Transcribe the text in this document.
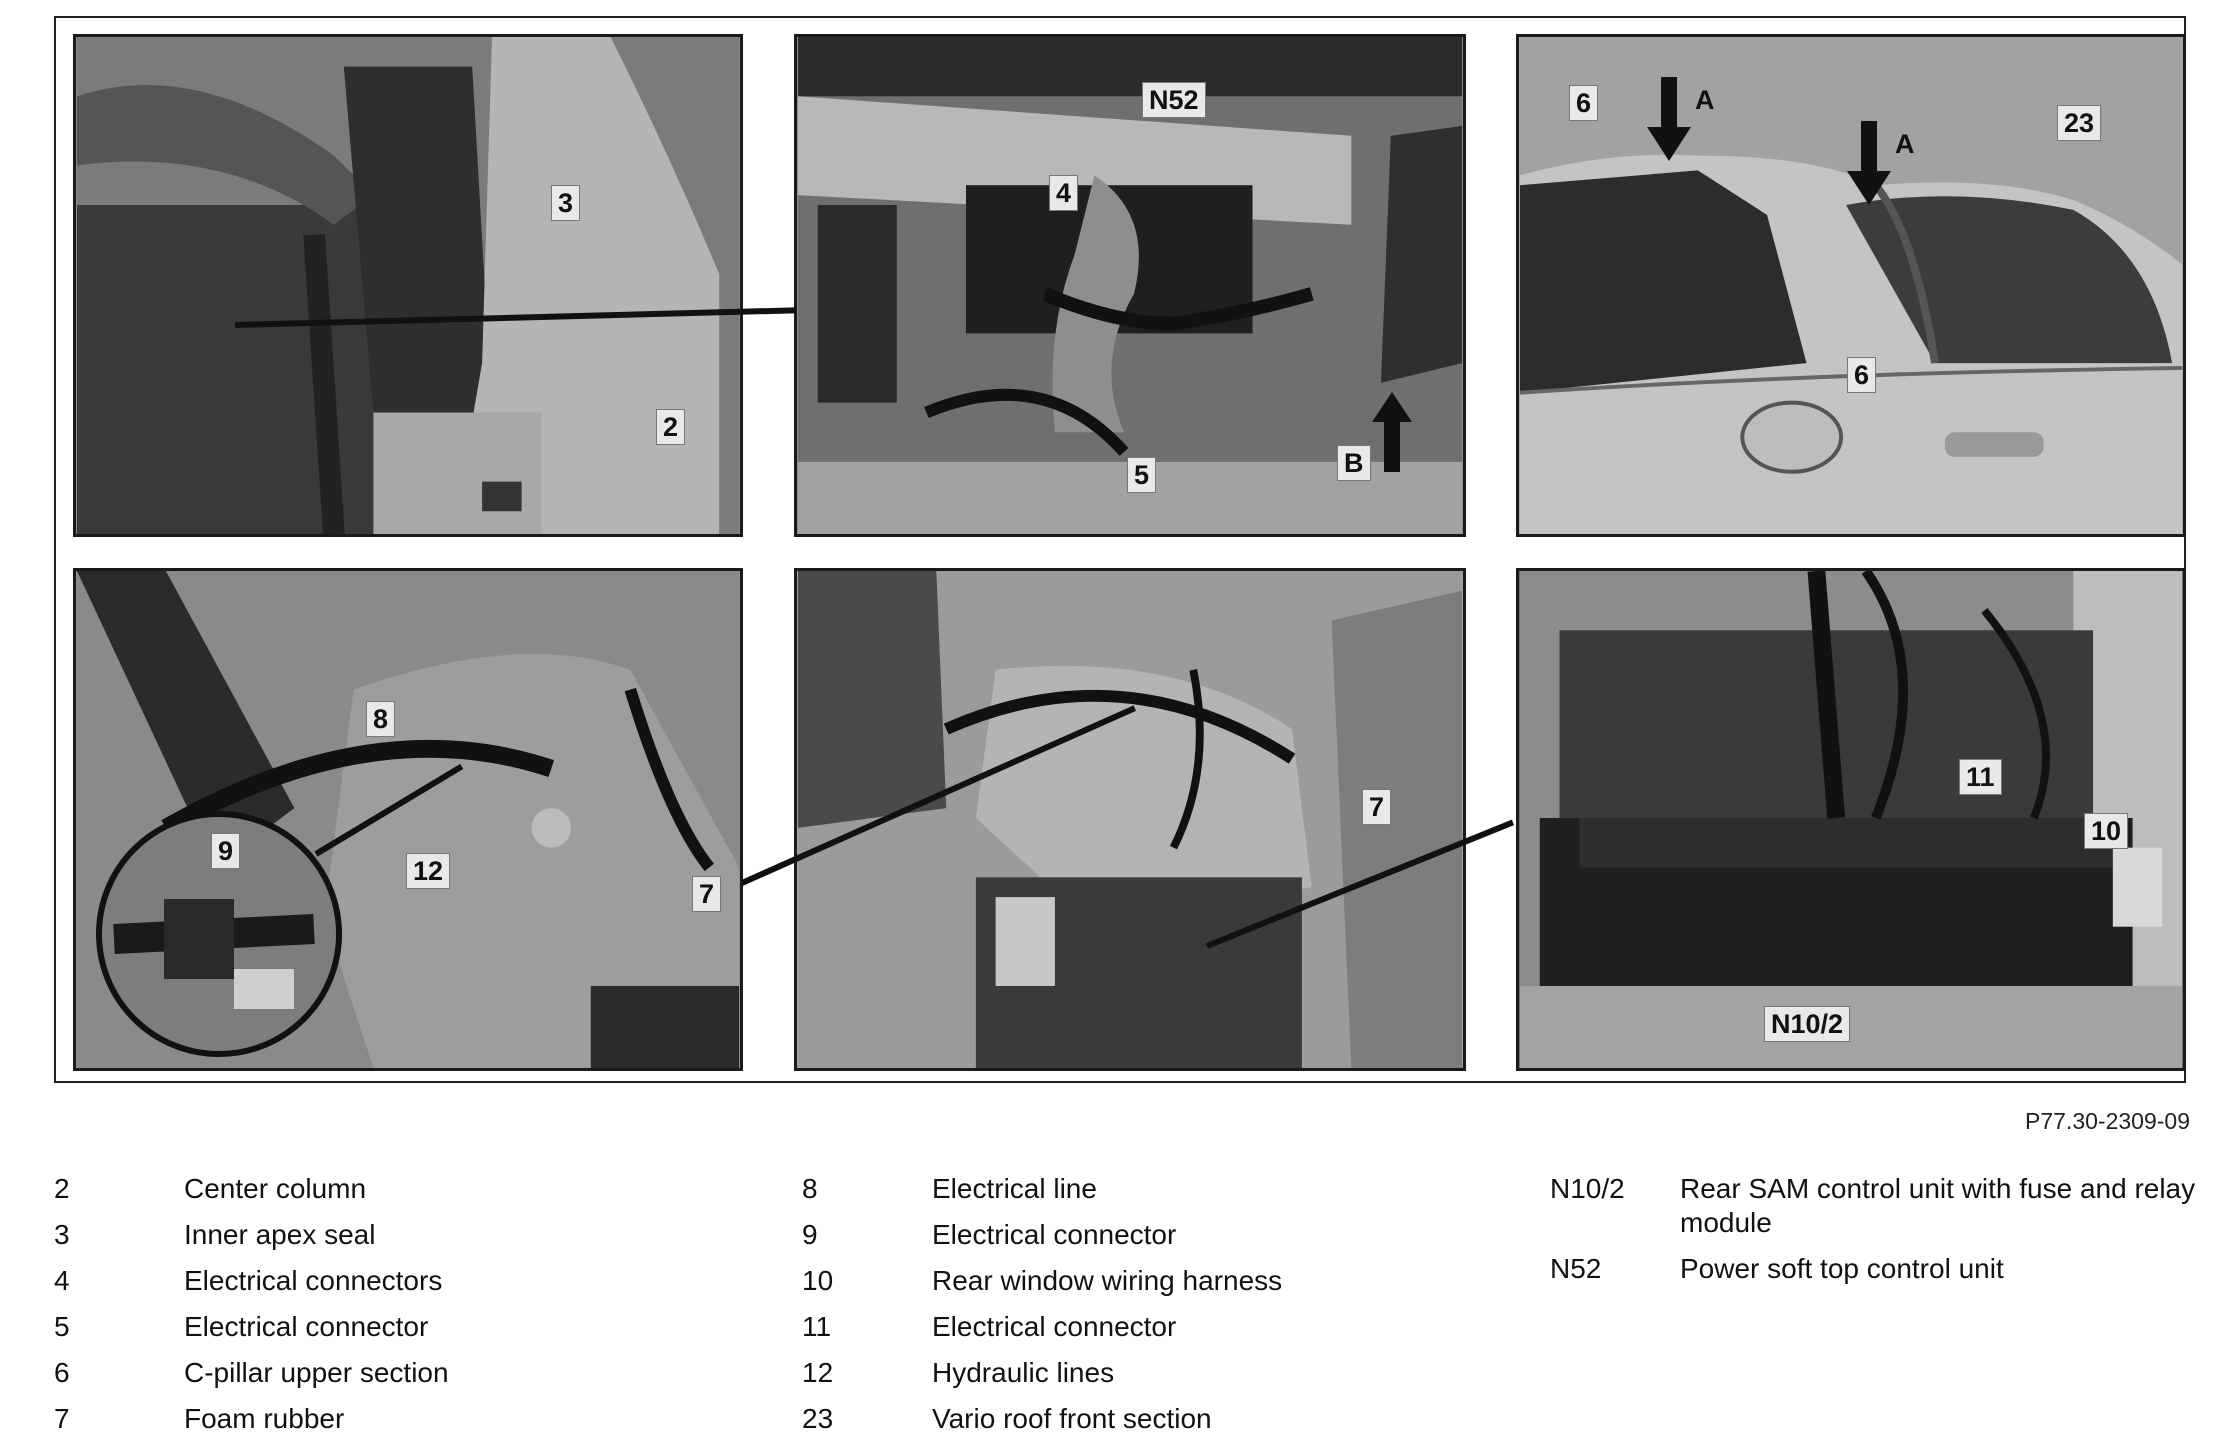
3
2
N52
4
5	B
6	A
A
23
6
8
9
12
7
7
11
10
N10/2
P77.30-2309-09
2	Center column
3	Inner apex seal
4	Electrical connectors
5	Electrical connector
6	C-pillar upper section
7	Foam rubber
8	Electrical line
9	Electrical connector
10	Rear window wiring harness
11	Electrical connector
12	Hydraulic lines
23	Vario roof front section
N10/2	Rear SAM control unit with fuse and relay module
N52	Power soft top control unit
